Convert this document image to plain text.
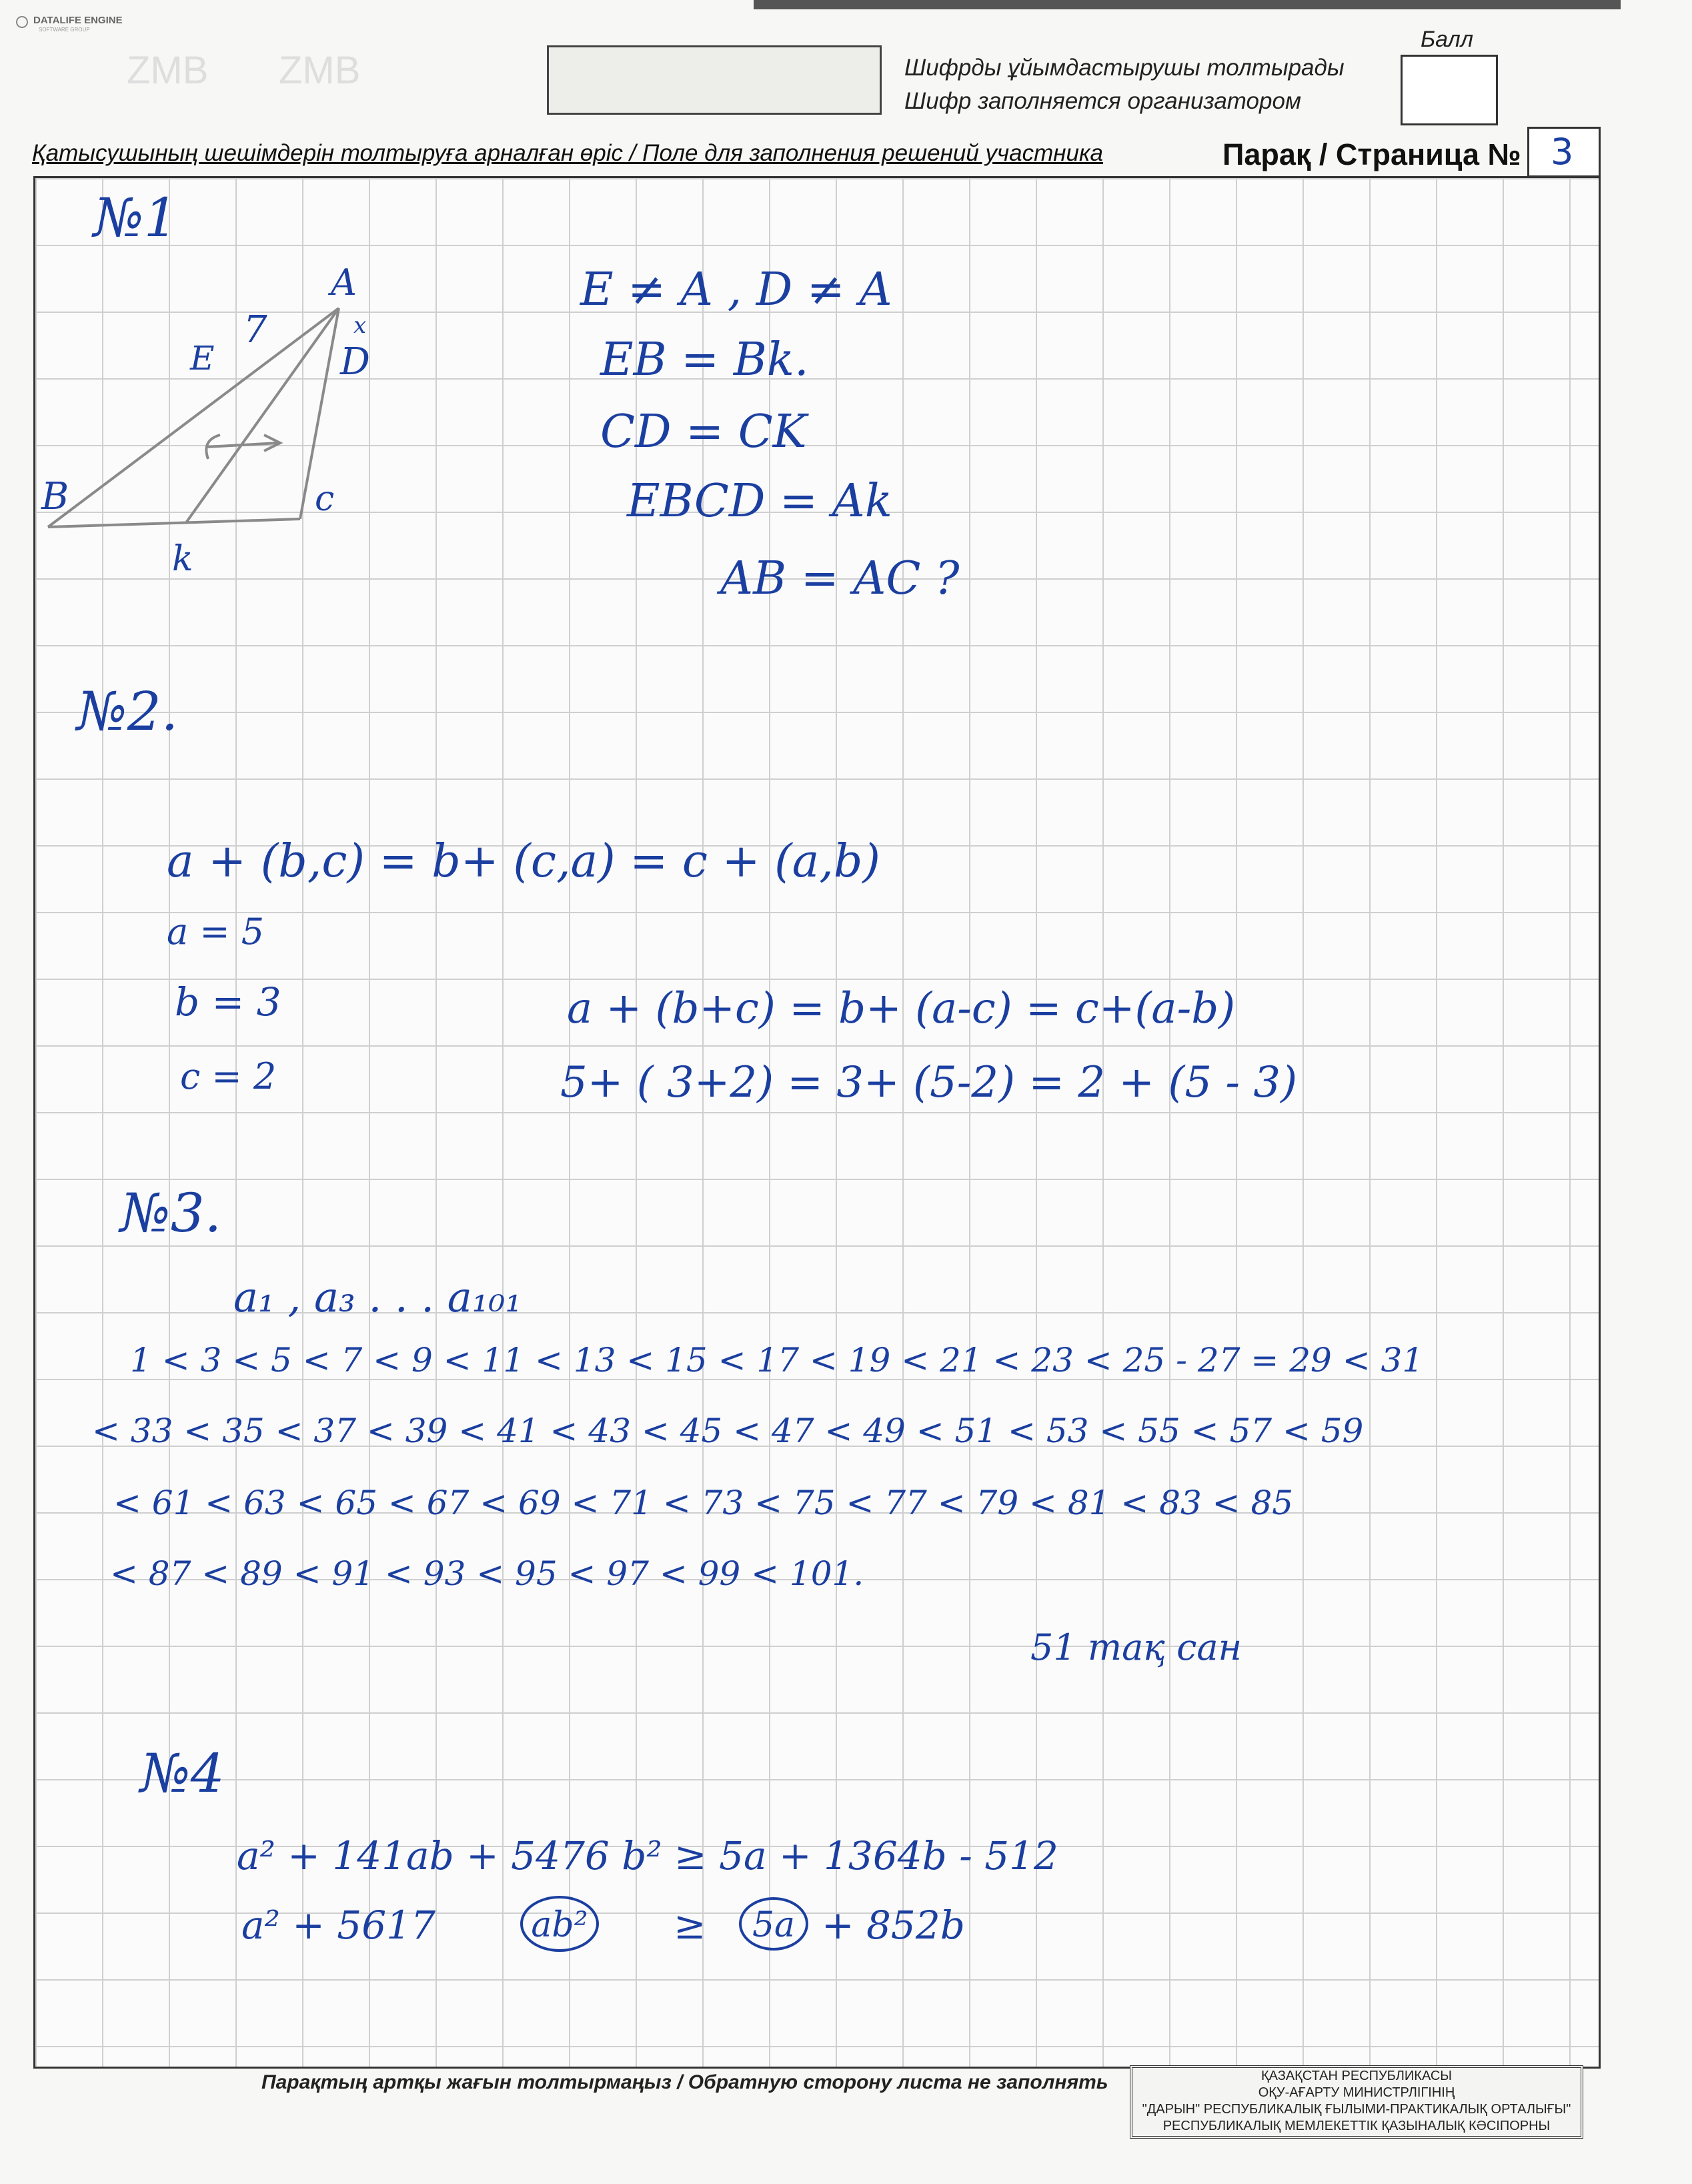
DATALIFE ENGINE
SOFTWARE GROUP
ZMB ZMB	Шифрды ұйымдастырушы толтырады
Шифр заполняется организатором
Балл
Қатысушының шешімдерін толтыруға арналған өріс / Поле для заполнения решений участника	Парақ / Страница № 3
№1
A
E
7	x
D
B	c
k
E ≠ A , D ≠ A
EB = Bk.
CD = CK
EBCD = Ak
AB = AC ?
№2.
a + (b,c) = b+ (c,a) = c + (a,b)
a = 5
b = 3
c = 2
a + (b+c) = b+ (a-c) = c+(a-b)
5+ ( 3+2) = 3+ (5-2) = 2 + (5 - 3)
№3.
a₁ , a₃ . . . a₁₀₁
1 < 3 < 5 < 7 < 9 < 11 < 13 < 15 < 17 < 19 < 21 < 23 < 25 - 27 = 29 < 31
< 33 < 35 < 37 < 39 < 41 < 43 < 45 < 47 < 49 < 51 < 53 < 55 < 57 < 59
< 61 < 63 < 65 < 67 < 69 < 71 < 73 < 75 < 77 < 79 < 81 < 83 < 85
< 87 < 89 < 91 < 93 < 95 < 97 < 99 < 101.
51 тақ сан
№4
a² + 141ab + 5476 b² ≥ 5a + 1364b - 512
a² + 5617	ab² ≥	5a + 852b
Парақтың артқы жағын толтырмаңыз / Обратную сторону листа не заполнять	ҚАЗАҚСТАН РЕСПУБЛИКАСЫ
ОҚУ-АҒАРТУ МИНИСТРЛІГІНІҢ
"ДАРЫН" РЕСПУБЛИКАЛЫҚ ҒЫЛЫМИ-ПРАКТИКАЛЫҚ ОРТАЛЫҒЫ"
РЕСПУБЛИКАЛЫҚ МЕМЛЕКЕТТІК ҚАЗЫНАЛЫҚ КӘСІПОРНЫ
